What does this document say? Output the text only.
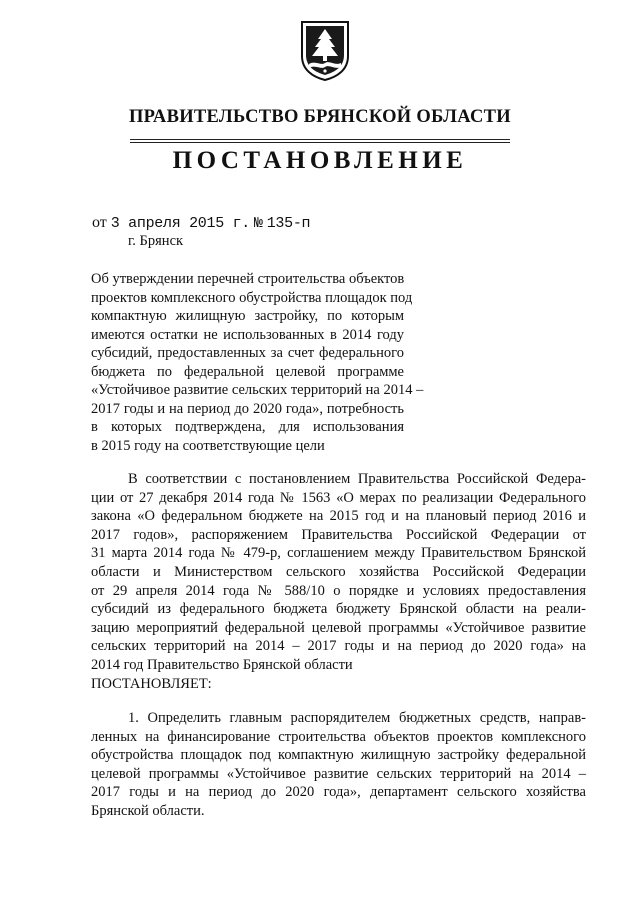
ПРАВИТЕЛЬСТВО БРЯНСКОЙ ОБЛАСТИ
ПОСТАНОВЛЕНИЕ
от 3 апреля 2015 г. № 135-п
г. Брянск
Об утверждении перечней строительства объектов
проектов комплексного обустройства площадок под
компактную жилищную застройку, по которым
имеются остатки не использованных в 2014 году
субсидий, предоставленных за счет федерального
бюджета по федеральной целевой программе
«Устойчивое развитие сельских территорий на 2014 –
2017 годы и на период до 2020 года», потребность
в которых подтверждена, для использования
в 2015 году на соответствующие цели
В соответствии с постановлением Правительства Российской Федера-
ции от 27 декабря 2014 года № 1563 «О мерах по реализации Федерального
закона «О федеральном бюджете на 2015 год и на плановый период 2016 и
2017 годов», распоряжением Правительства Российской Федерации от
31 марта 2014 года № 479-р, соглашением между Правительством Брянской
области и Министерством сельского хозяйства Российской Федерации
от 29 апреля 2014 года № 588/10 о порядке и условиях предоставления
субсидий из федерального бюджета бюджету Брянской области на реали-
зацию мероприятий федеральной целевой программы «Устойчивое развитие
сельских территорий на 2014 – 2017 годы и на период до 2020 года» на
2014 год Правительство Брянской области
ПОСТАНОВЛЯЕТ:
1. Определить главным распорядителем бюджетных средств, направ-
ленных на финансирование строительства объектов проектов комплексного
обустройства площадок под компактную жилищную застройку федеральной
целевой программы «Устойчивое развитие сельских территорий на 2014 –
2017 годы и на период до 2020 года», департамент сельского хозяйства
Брянской области.
